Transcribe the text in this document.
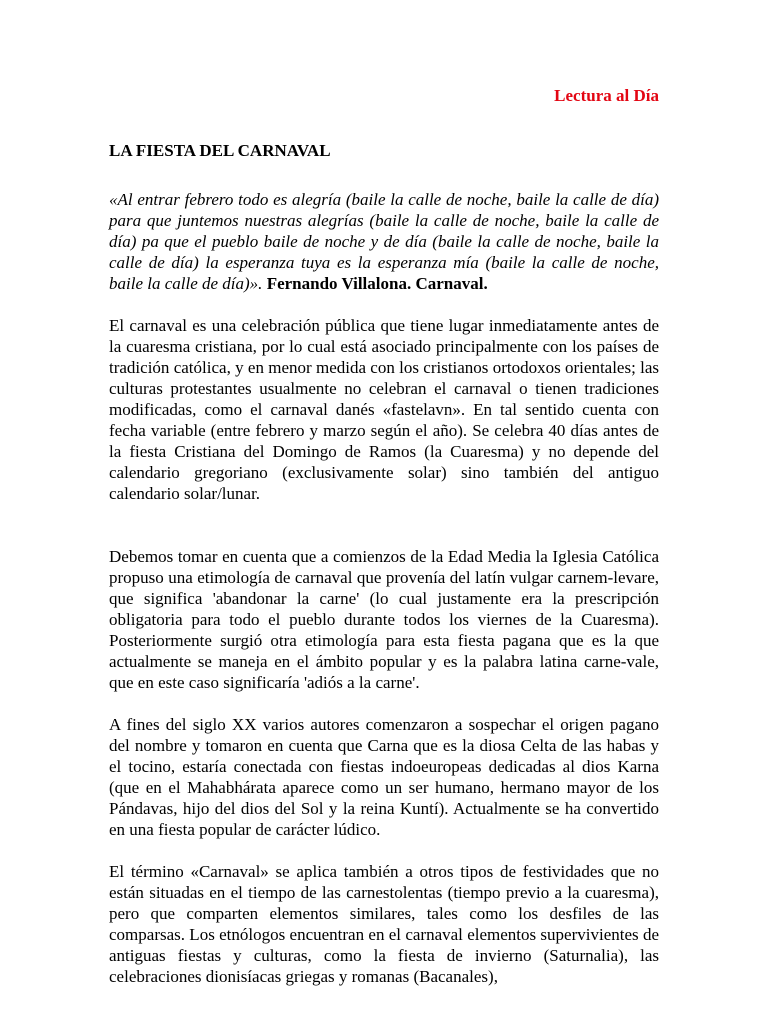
Lectura al Día
LA FIESTA DEL CARNAVAL

«Al entrar febrero todo es alegría (baile la calle de noche, baile la calle de día) para que juntemos nuestras alegrías (baile la calle de noche, baile la calle de día) pa que el pueblo baile de noche y de día (baile la calle de noche, baile la calle de día) la esperanza tuya es la esperanza mía (baile la calle de noche, baile la calle de día)». Fernando Villalona. Carnaval.

El carnaval es una celebración pública que tiene lugar inmediatamente antes de la cuaresma cristiana, por lo cual está asociado principalmente con los países de tradición católica, y en menor medida con los cristianos ortodoxos orientales; las culturas protestantes usualmente no celebran el carnaval o tienen tradiciones modificadas, como el carnaval danés «fastelavn». En tal sentido cuenta con fecha variable (entre febrero y marzo según el año). Se celebra 40 días antes de la fiesta Cristiana del Domingo de Ramos (la Cuaresma) y no depende del calendario gregoriano (exclusivamente solar) sino también del antiguo calendario solar/lunar.

Debemos tomar en cuenta que a comienzos de la Edad Media la Iglesia Católica propuso una etimología de carnaval que provenía del latín vulgar carnem-levare, que significa 'abandonar la carne' (lo cual justamente era la prescripción obligatoria para todo el pueblo durante todos los viernes de la Cuaresma). Posteriormente surgió otra etimología para esta fiesta pagana que es la que actualmente se maneja en el ámbito popular y es la palabra latina carne-vale, que en este caso significaría 'adiós a la carne'.

A fines del siglo XX varios autores comenzaron a sospechar el origen pagano del nombre y tomaron en cuenta que Carna que es la diosa Celta de las habas y el tocino, estaría conectada con fiestas indoeuropeas dedicadas al dios Karna (que en el Mahabhárata aparece como un ser humano, hermano mayor de los Pándavas, hijo del dios del Sol y la reina Kuntí). Actualmente se ha convertido en una fiesta popular de carácter lúdico.

El término «Carnaval» se aplica también a otros tipos de festividades que no están situadas en el tiempo de las carnestolentas (tiempo previo a la cuaresma), pero que comparten elementos similares, tales como los desfiles de las comparsas. Los etnólogos encuentran en el carnaval elementos supervivientes de antiguas fiestas y culturas, como la fiesta de invierno (Saturnalia), las celebraciones dionisíacas griegas y romanas (Bacanales),
